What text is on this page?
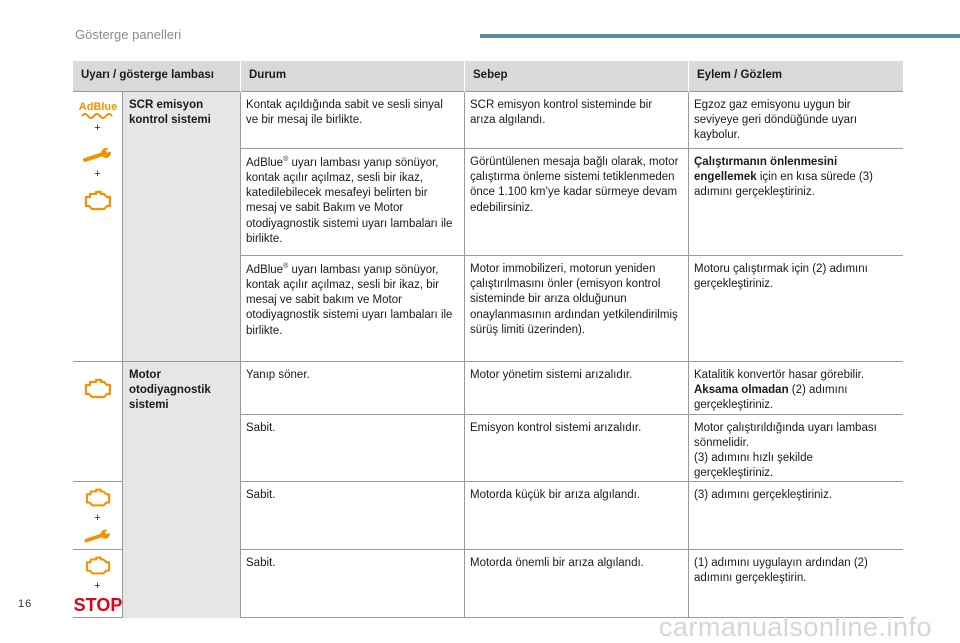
Gösterge panelleri
Uyarı / gösterge lambası		Durum	Sebep	Eylem / Gözlem

AdBlue
+
+	SCR emisyon kontrol sistemi	Kontak açıldığında sabit ve sesli sinyal ve bir mesaj ile birlikte.	SCR emisyon kontrol sisteminde bir arıza algılandı.	Egzoz gaz emisyonu uygun bir seviyeye geri döndüğünde uyarı kaybolur.
		AdBlue® uyarı lambası yanıp sönüyor, kontak açılır açılmaz, sesli bir ikaz, katedilebilecek mesafeyi belirten bir mesaj ve sabit Bakım ve Motor otodiyagnostik sistemi uyarı lambaları ile birlikte.	Görüntülenen mesaja bağlı olarak, motor çalıştırma önleme sistemi tetiklenmeden önce 1.100 km’ye kadar sürmeye devam edebilirsiniz.	Çalıştırmanın önlenmesini engellemek için en kısa sürede (3) adımını gerçekleştiriniz.
		AdBlue® uyarı lambası yanıp sönüyor, kontak açılır açılmaz, sesli bir ikaz, bir mesaj ve sabit bakım ve Motor otodiyagnostik sistemi uyarı lambaları ile birlikte.	Motor immobilizeri, motorun yeniden çalıştırılmasını önler (emisyon kontrol sisteminde bir arıza olduğunun onaylanmasının ardından yetkilendirilmiş sürüş limiti üzerinden).	Motoru çalıştırmak için (2) adımını gerçekleştiriniz.

	Motor otodiyagnostik sistemi	Yanıp söner.	Motor yönetim sistemi arızalıdır.	Katalitik konvertör hasar görebilir.
Aksama olmadan (2) adımını gerçekleştiriniz.
		Sabit.	Emisyon kontrol sistemi arızalıdır.	Motor çalıştırıldığında uyarı lambası sönmelidir.
(3) adımını hızlı şekilde gerçekleştiriniz.

+		Sabit.	Motorda küçük bir arıza algılandı.	(3) adımını gerçekleştiriniz.

+
STOP		Sabit.	Motorda önemli bir arıza algılandı.	(1) adımını uygulayın ardından (2) adımını gerçekleştirin.
16
carmanualsonline.info
